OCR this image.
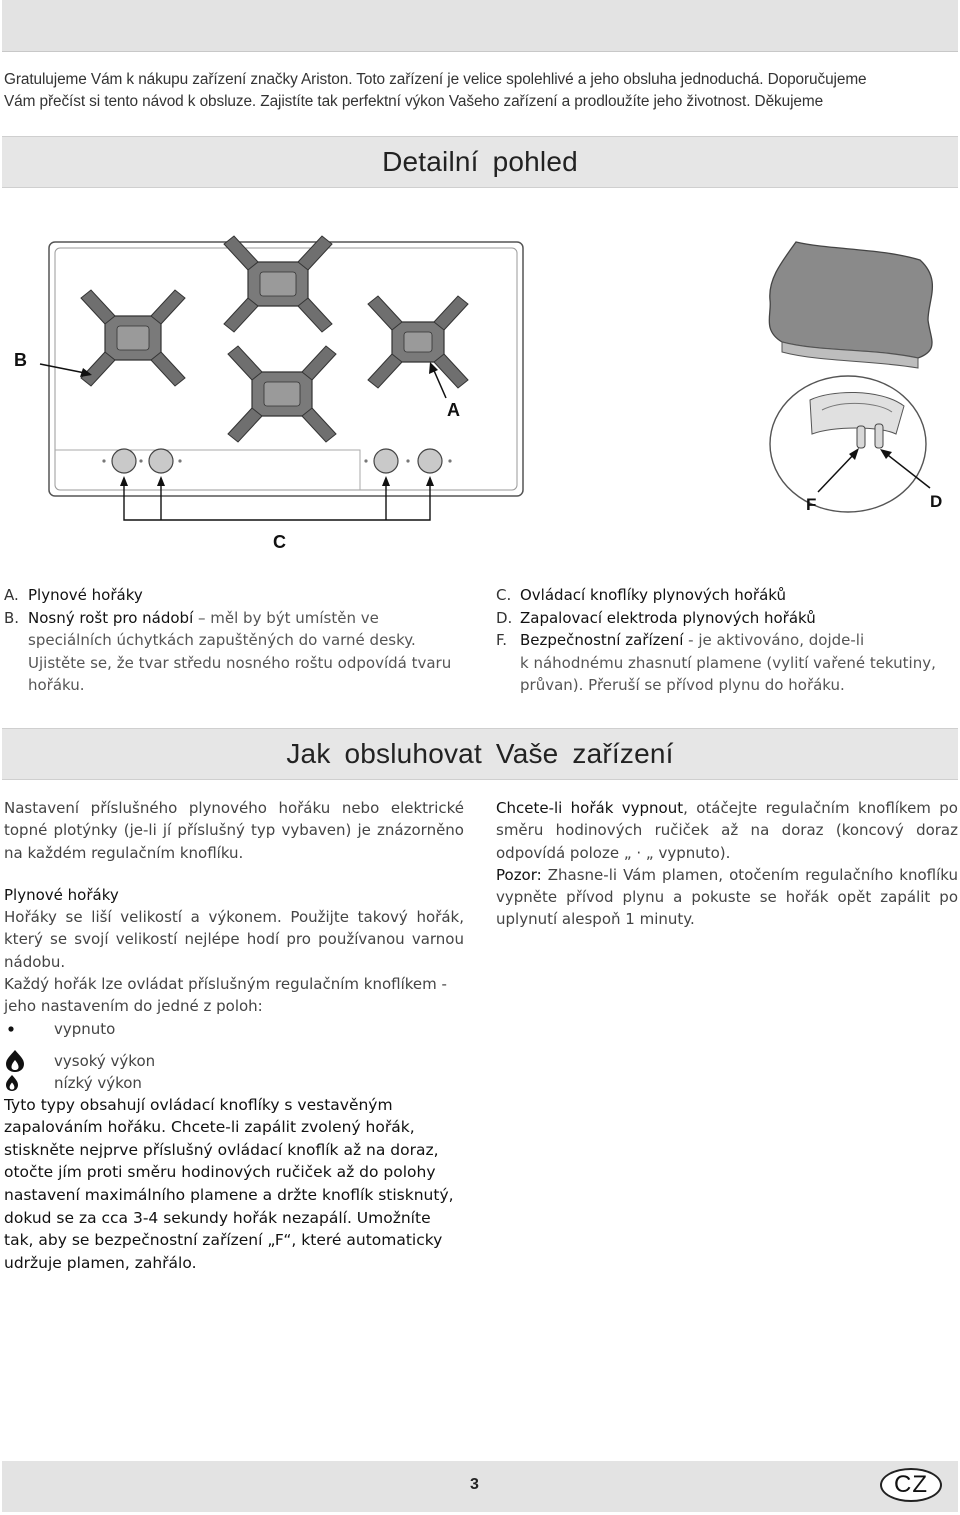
Gratulujeme Vám k nákupu zařízení značky Ariston. Toto zařízení je velice spolehlivé a jeho obsluha jednoduchá. Doporučujeme
Vám přečíst si tento návod k obsluze. Zajistíte tak perfektní výkon Vašeho zařízení a prodloužíte jeho životnost. Děkujeme
Detailní pohled
B
A
C
F	D
A. Plynové hořáky
B. Nosný rošt pro nádobí – měl by být umístěn ve
speciálních úchytkách zapuštěných do varné desky.
Ujistěte se, že tvar středu nosného roštu odpovídá tvaru
hořáku.
C. Ovládací knoflíky plynových hořáků
D. Zapalovací elektroda plynových hořáků
F. Bezpečnostní zařízení - je aktivováno, dojde-li
k náhodnému zhasnutí plamene (vylití vařené tekutiny,
průvan). Přeruší se přívod plynu do hořáku.
Jak obsluhovat Vaše zařízení

Nastavení příslušného plynového hořáku nebo elektrické topné plotýnky (je-li jí příslušný typ vybaven) je znázorněno na každém regulačním knoflíku.

Plynové hořáky

Hořáky se liší velikostí a výkonem. Použijte takový hořák, který se svojí velikostí nejlépe hodí pro používanou varnou nádobu.

Každý hořák lze ovládat příslušným regulačním knoflíkem - jeho nastavením do jedné z poloh:

vypnuto
vysoký výkon
nízký výkon

Tyto typy obsahují ovládací knoflíky s vestavěným zapalováním hořáku. Chcete-li zapálit zvolený hořák, stiskněte nejprve příslušný ovládací knoflík až na doraz, otočte jím proti směru hodinových ručiček až do polohy nastavení maximálního plamene a držte knoflík stisknutý, dokud se za cca 3-4 sekundy hořák nezapálí. Umožníte tak, aby se bezpečnostní zařízení „F“, které automaticky udržuje plamen, zahřálo.

Chcete-li hořák vypnout, otáčejte regulačním knoflíkem po směru hodinových ručiček až na doraz (koncový doraz odpovídá poloze „ · „ vypnuto).

Pozor: Zhasne-li Vám plamen, otočením regulačního knoflíku vypněte přívod plynu a pokuste se hořák opět zapálit po uplynutí alespoň 1 minuty.

3	CZ
